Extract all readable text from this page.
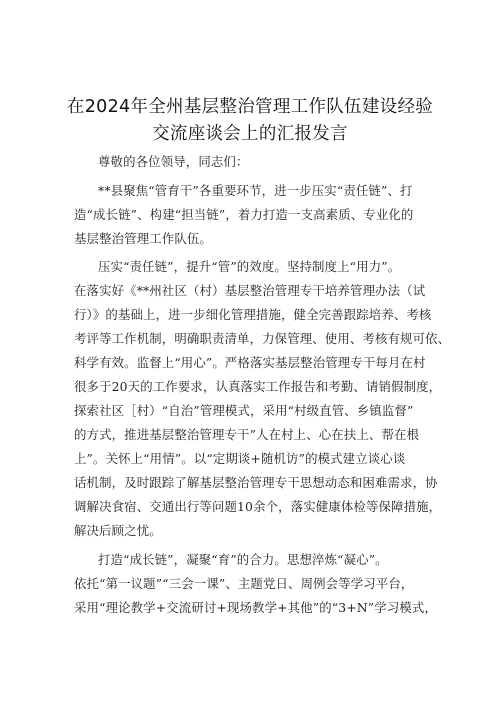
在2024年全州基层整治管理工作队伍建设经验
交流座谈会上的汇报发言
尊敬的各位领导，同志们：
**县聚焦“管育干”各重要环节，进一步压实“责任链”、打
造“成长链”、构建“担当链”，着力打造一支高素质、专业化的
基层整治管理工作队伍。
压实“责任链”，提升“管”的效度。坚持制度上“用力”。
在落实好《**州社区（村）基层整治管理专干培养管理办法（试
行）》的基础上，进一步细化管理措施，健全完善跟踪培养、考核
考评等工作机制，明确职责清单，力保管理、使用、考核有规可依、
科学有效。监督上“用心”。严格落实基层整治管理专干每月在村
很多于20天的工作要求，认真落实工作报告和考勤、请销假制度，
探索社区［村）“自治”管理模式，采用“村级直管、乡镇监督”
的方式，推进基层整治管理专干”人在村上、心在扶上、帮在根
上”。关怀上“用情”。以“定期谈+随机访”的模式建立谈心谈
话机制，及时跟踪了解基层整治管理专干思想动态和困难需求，协
调解决食宿、交通出行等问题10余个，落实健康体检等保障措施，
解决后顾之忧。
打造“成长链”，凝聚“育”的合力。思想淬炼“凝心”。
依托“第一议题”“三会一课”、主题党日、周例会等学习平台，
采用“理论教学+交流研讨+现场教学+其他”的“3+N”学习模式，
